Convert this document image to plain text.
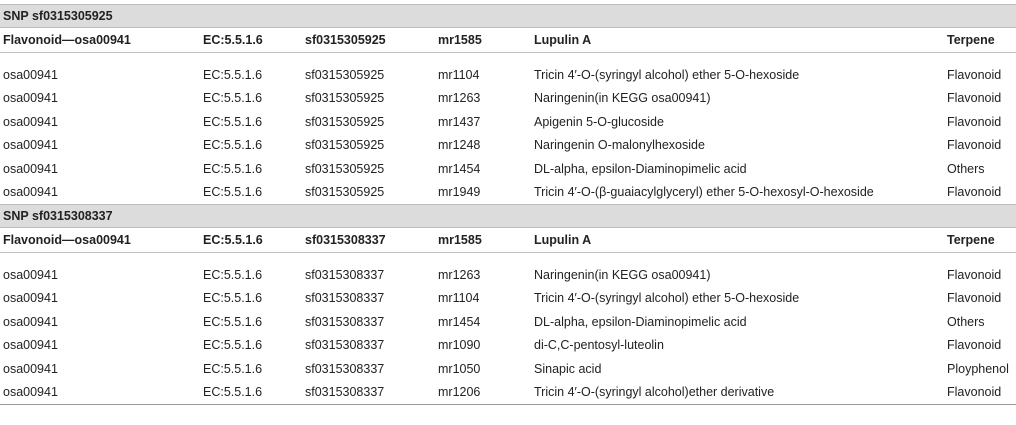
SNP sf0315305925					
Flavonoid—osa00941	EC:5.5.1.6	sf0315305925	mr1585	Lupulin A	Terpene

osa00941	EC:5.5.1.6	sf0315305925	mr1104	Tricin 4′-O-(syringyl alcohol) ether 5-O-hexoside	Flavonoid
osa00941	EC:5.5.1.6	sf0315305925	mr1263	Naringenin(in KEGG osa00941)	Flavonoid
osa00941	EC:5.5.1.6	sf0315305925	mr1437	Apigenin 5-O-glucoside	Flavonoid
osa00941	EC:5.5.1.6	sf0315305925	mr1248	Naringenin O-malonylhexoside	Flavonoid
osa00941	EC:5.5.1.6	sf0315305925	mr1454	DL-alpha, epsilon-Diaminopimelic acid	Others
osa00941	EC:5.5.1.6	sf0315305925	mr1949	Tricin 4′-O-(β-guaiacylglyceryl) ether 5-O-hexosyl-O-hexoside	Flavonoid
SNP sf0315308337					
Flavonoid—osa00941	EC:5.5.1.6	sf0315308337	mr1585	Lupulin A	Terpene

osa00941	EC:5.5.1.6	sf0315308337	mr1263	Naringenin(in KEGG osa00941)	Flavonoid
osa00941	EC:5.5.1.6	sf0315308337	mr1104	Tricin 4′-O-(syringyl alcohol) ether 5-O-hexoside	Flavonoid
osa00941	EC:5.5.1.6	sf0315308337	mr1454	DL-alpha, epsilon-Diaminopimelic acid	Others
osa00941	EC:5.5.1.6	sf0315308337	mr1090	di-C,C-pentosyl-luteolin	Flavonoid
osa00941	EC:5.5.1.6	sf0315308337	mr1050	Sinapic acid	Ployphenol
osa00941	EC:5.5.1.6	sf0315308337	mr1206	Tricin 4′-O-(syringyl alcohol)ether derivative	Flavonoid
